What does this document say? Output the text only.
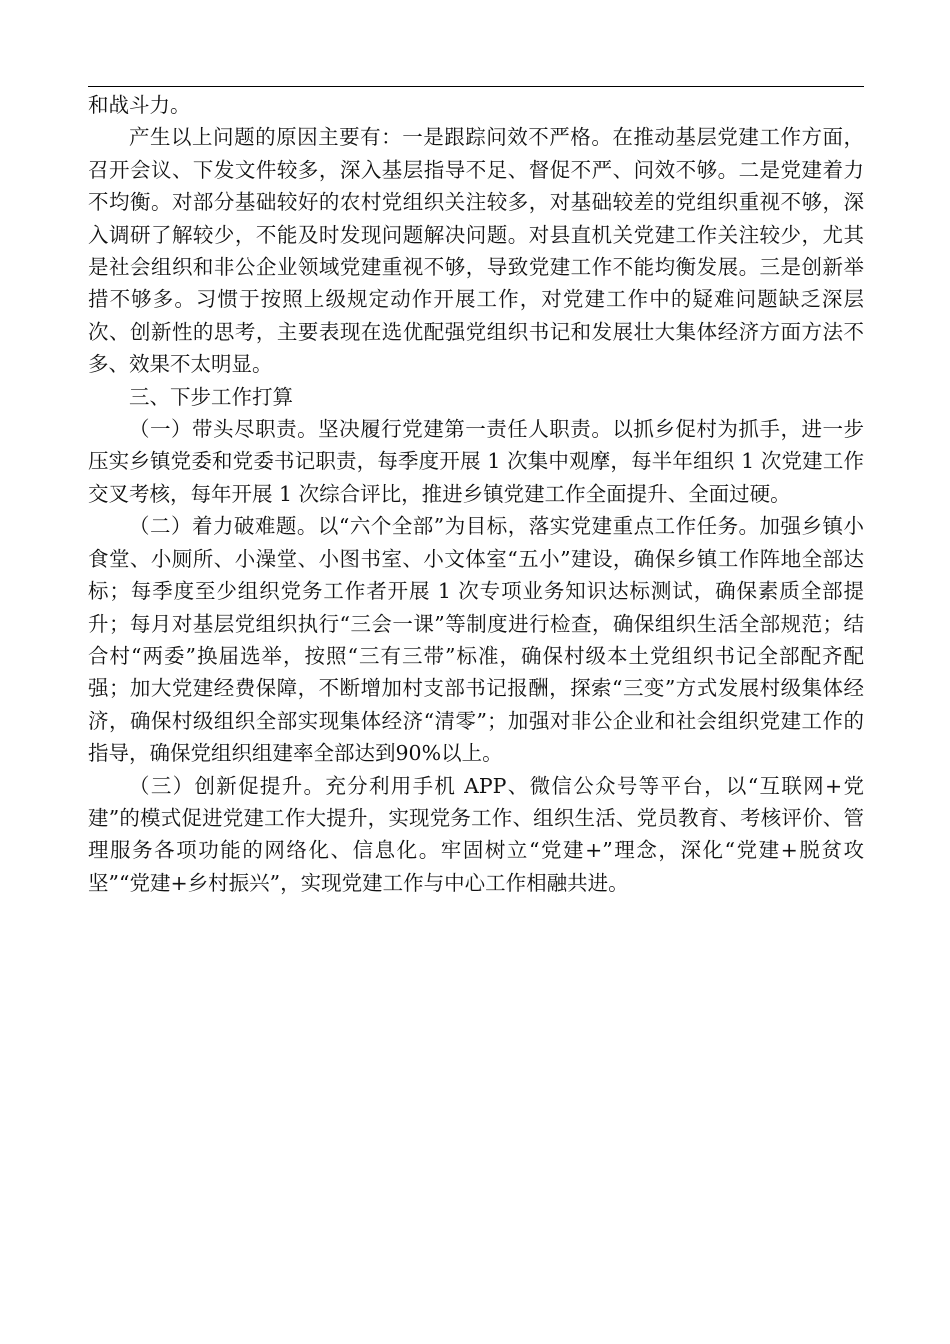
和战斗力。

产生以上问题的原因主要有：一是跟踪问效不严格。在推动基层党建工作方面，召开会议、下发文件较多，深入基层指导不足、督促不严、问效不够。二是党建着力不均衡。对部分基础较好的农村党组织关注较多，对基础较差的党组织重视不够，深入调研了解较少，不能及时发现问题解决问题。对县直机关党建工作关注较少，尤其是社会组织和非公企业领域党建重视不够，导致党建工作不能均衡发展。三是创新举措不够多。习惯于按照上级规定动作开展工作，对党建工作中的疑难问题缺乏深层次、创新性的思考，主要表现在选优配强党组织书记和发展壮大集体经济方面方法不多、效果不太明显。

三、下步工作打算

（一）带头尽职责。坚决履行党建第一责任人职责。以抓乡促村为抓手，进一步压实乡镇党委和党委书记职责，每季度开展 1 次集中观摩，每半年组织 1 次党建工作交叉考核，每年开展 1 次综合评比，推进乡镇党建工作全面提升、全面过硬。

（二）着力破难题。以“六个全部”为目标，落实党建重点工作任务。加强乡镇小食堂、小厕所、小澡堂、小图书室、小文体室“五小”建设，确保乡镇工作阵地全部达标；每季度至少组织党务工作者开展 1 次专项业务知识达标测试，确保素质全部提升；每月对基层党组织执行“三会一课”等制度进行检查，确保组织生活全部规范；结合村“两委”换届选举，按照“三有三带”标准，确保村级本土党组织书记全部配齐配强；加大党建经费保障，不断增加村支部书记报酬，探索“三变”方式发展村级集体经济，确保村级组织全部实现集体经济“清零”；加强对非公企业和社会组织党建工作的指导，确保党组织组建率全部达到90%以上。

（三）创新促提升。充分利用手机 APP、微信公众号等平台，以“互联网+党建”的模式促进党建工作大提升，实现党务工作、组织生活、党员教育、考核评价、管理服务各项功能的网络化、信息化。牢固树立“党建+”理念，深化“党建+脱贫攻坚”“党建+乡村振兴”，实现党建工作与中心工作相融共进。
